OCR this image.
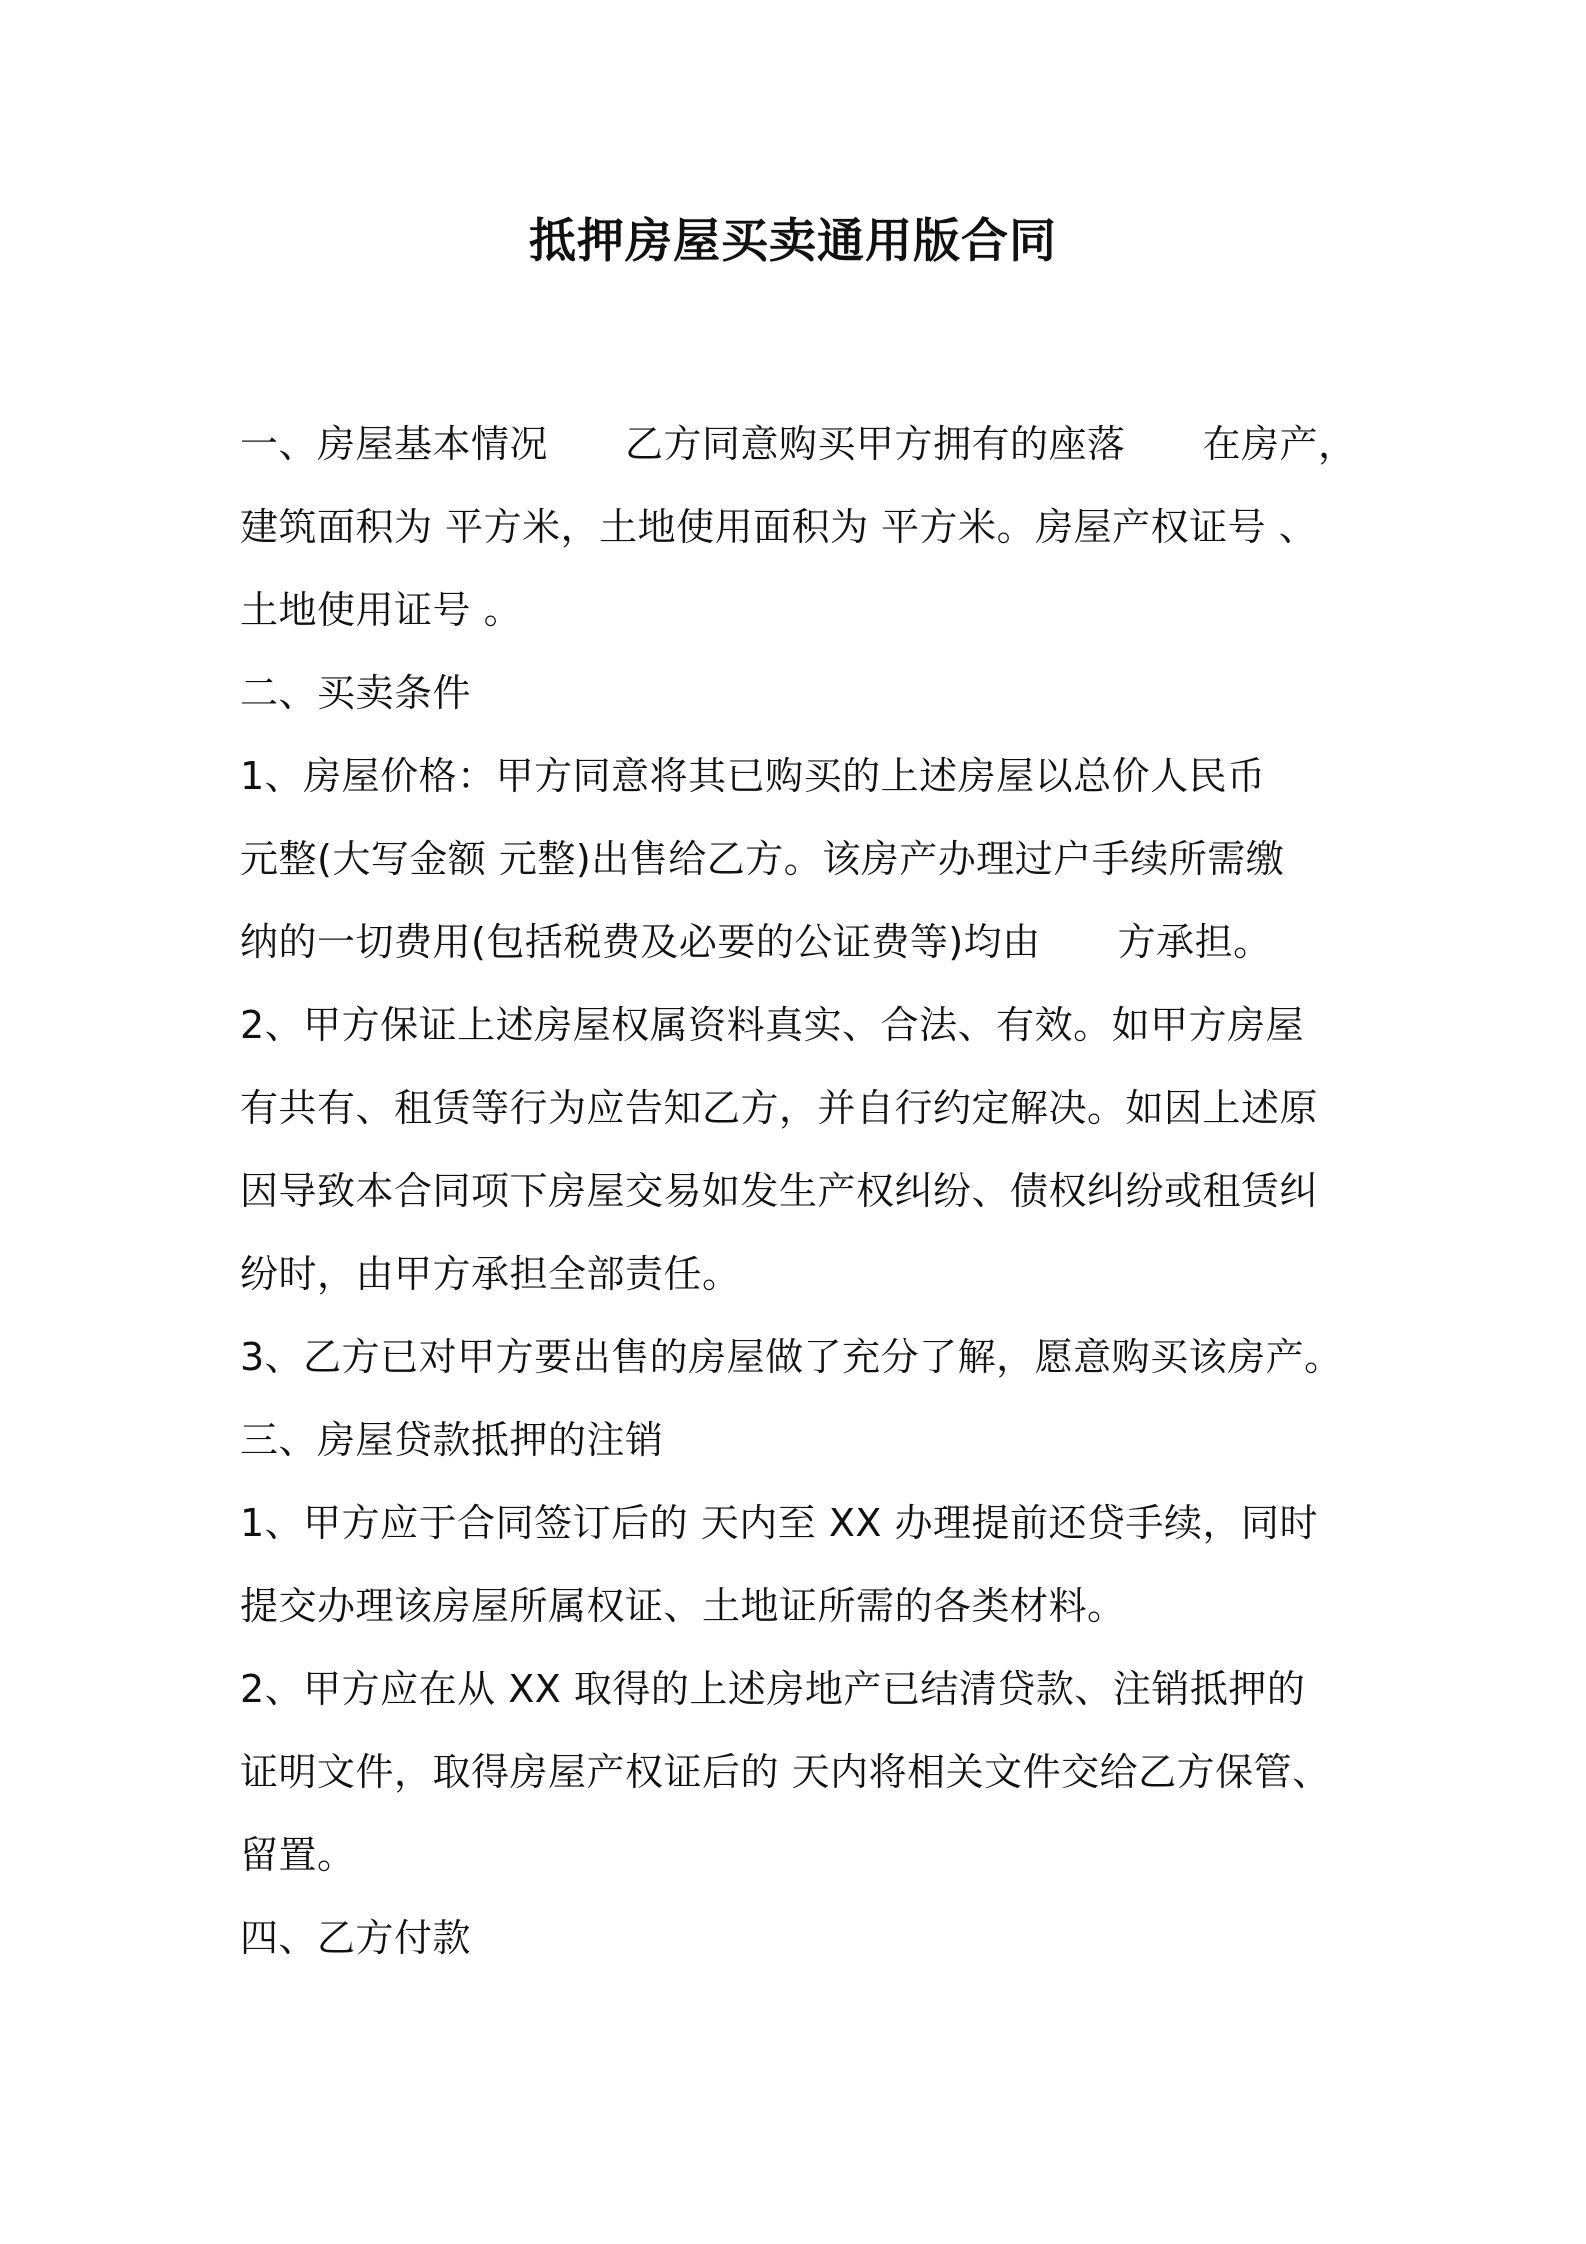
抵押房屋买卖通用版合同
一、房屋基本情况　　乙方同意购买甲方拥有的座落　　在房产，
建筑面积为 平方米，土地使用面积为 平方米。房屋产权证号 、
土地使用证号 。
二、买卖条件
1、房屋价格：甲方同意将其已购买的上述房屋以总价人民币
元整(大写金额 元整)出售给乙方。该房产办理过户手续所需缴
纳的一切费用(包括税费及必要的公证费等)均由　　方承担。
2、甲方保证上述房屋权属资料真实、合法、有效。如甲方房屋
有共有、租赁等行为应告知乙方，并自行约定解决。如因上述原
因导致本合同项下房屋交易如发生产权纠纷、债权纠纷或租赁纠
纷时，由甲方承担全部责任。
3、乙方已对甲方要出售的房屋做了充分了解，愿意购买该房产。
三、房屋贷款抵押的注销
1、甲方应于合同签订后的 天内至 XX 办理提前还贷手续，同时
提交办理该房屋所属权证、土地证所需的各类材料。
2、甲方应在从 XX 取得的上述房地产已结清贷款、注销抵押的
证明文件，取得房屋产权证后的 天内将相关文件交给乙方保管、
留置。
四、乙方付款
